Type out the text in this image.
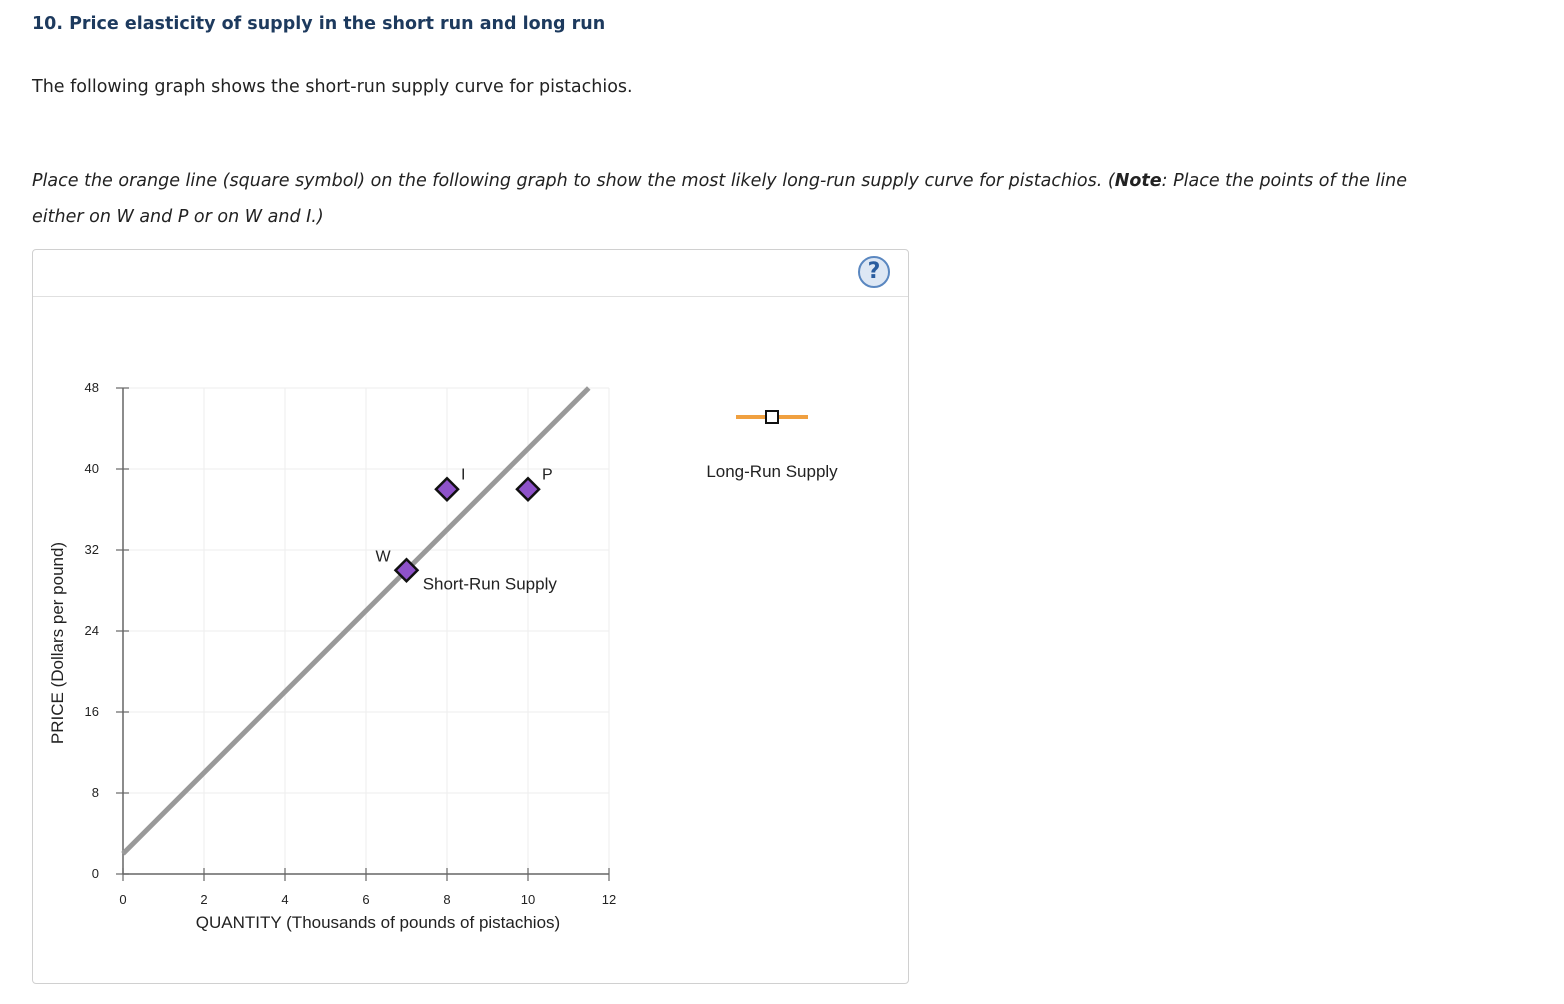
10. Price elasticity of supply in the short run and long run

The following graph shows the short-run supply curve for pistachios.

Place the orange line (square symbol) on the following graph to show the most likely long-run supply curve for pistachios. (Note: Place the points of the line either on W and P or on W and I.)

?
0
8
16
24
32
40
48
0	2	4	6	8	10	12
QUANTITY (Thousands of pounds of pistachios)
PRICE (Dollars per pound)	Short-Run Supply
W
I	P	Long-Run Supply
